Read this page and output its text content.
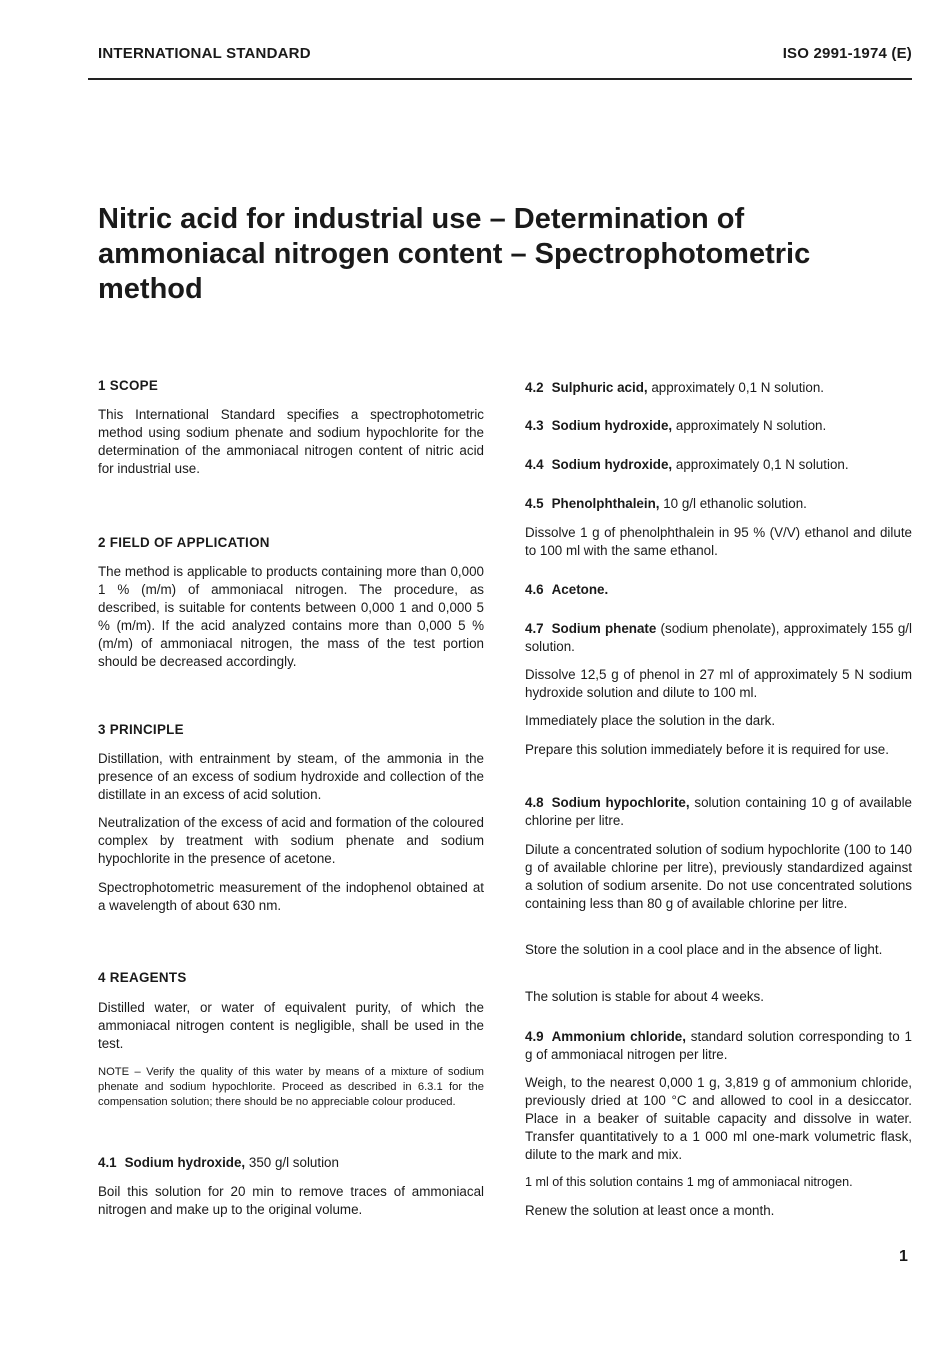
INTERNATIONAL STANDARD	ISO 2991-1974 (E)
Nitric acid for industrial use – Determination of ammoniacal nitrogen content – Spectrophotometric method
1 SCOPE
This International Standard specifies a spectrophotometric method using sodium phenate and sodium hypochlorite for the determination of the ammoniacal nitrogen content of nitric acid for industrial use.
2 FIELD OF APPLICATION
The method is applicable to products containing more than 0,000 1 % (m/m) of ammoniacal nitrogen. The procedure, as described, is suitable for contents between 0,000 1 and 0,000 5 % (m/m). If the acid analyzed contains more than 0,000 5 % (m/m) of ammoniacal nitrogen, the mass of the test portion should be decreased accordingly.
3 PRINCIPLE
Distillation, with entrainment by steam, of the ammonia in the presence of an excess of sodium hydroxide and collection of the distillate in an excess of acid solution.
Neutralization of the excess of acid and formation of the coloured complex by treatment with sodium phenate and sodium hypochlorite in the presence of acetone.
Spectrophotometric measurement of the indophenol obtained at a wavelength of about 630 nm.
4 REAGENTS
Distilled water, or water of equivalent purity, of which the ammoniacal nitrogen content is negligible, shall be used in the test.
NOTE – Verify the quality of this water by means of a mixture of sodium phenate and sodium hypochlorite. Proceed as described in 6.3.1 for the compensation solution; there should be no appreciable colour produced.
4.1 Sodium hydroxide, 350 g/l solution
Boil this solution for 20 min to remove traces of ammoniacal nitrogen and make up to the original volume.
4.2 Sulphuric acid, approximately 0,1 N solution.
4.3 Sodium hydroxide, approximately N solution.
4.4 Sodium hydroxide, approximately 0,1 N solution.
4.5 Phenolphthalein, 10 g/l ethanolic solution.
Dissolve 1 g of phenolphthalein in 95 % (V/V) ethanol and dilute to 100 ml with the same ethanol.
4.6 Acetone.
4.7 Sodium phenate (sodium phenolate), approximately 155 g/l solution.
Dissolve 12,5 g of phenol in 27 ml of approximately 5 N sodium hydroxide solution and dilute to 100 ml.
Immediately place the solution in the dark.
Prepare this solution immediately before it is required for use.
4.8 Sodium hypochlorite, solution containing 10 g of available chlorine per litre.
Dilute a concentrated solution of sodium hypochlorite (100 to 140 g of available chlorine per litre), previously standardized against a solution of sodium arsenite. Do not use concentrated solutions containing less than 80 g of available chlorine per litre.
Store the solution in a cool place and in the absence of light.
The solution is stable for about 4 weeks.
4.9 Ammonium chloride, standard solution corresponding to 1 g of ammoniacal nitrogen per litre.
Weigh, to the nearest 0,000 1 g, 3,819 g of ammonium chloride, previously dried at 100 °C and allowed to cool in a desiccator. Place in a beaker of suitable capacity and dissolve in water. Transfer quantitatively to a 1 000 ml one-mark volumetric flask, dilute to the mark and mix.
1 ml of this solution contains 1 mg of ammoniacal nitrogen.
Renew the solution at least once a month.
1
